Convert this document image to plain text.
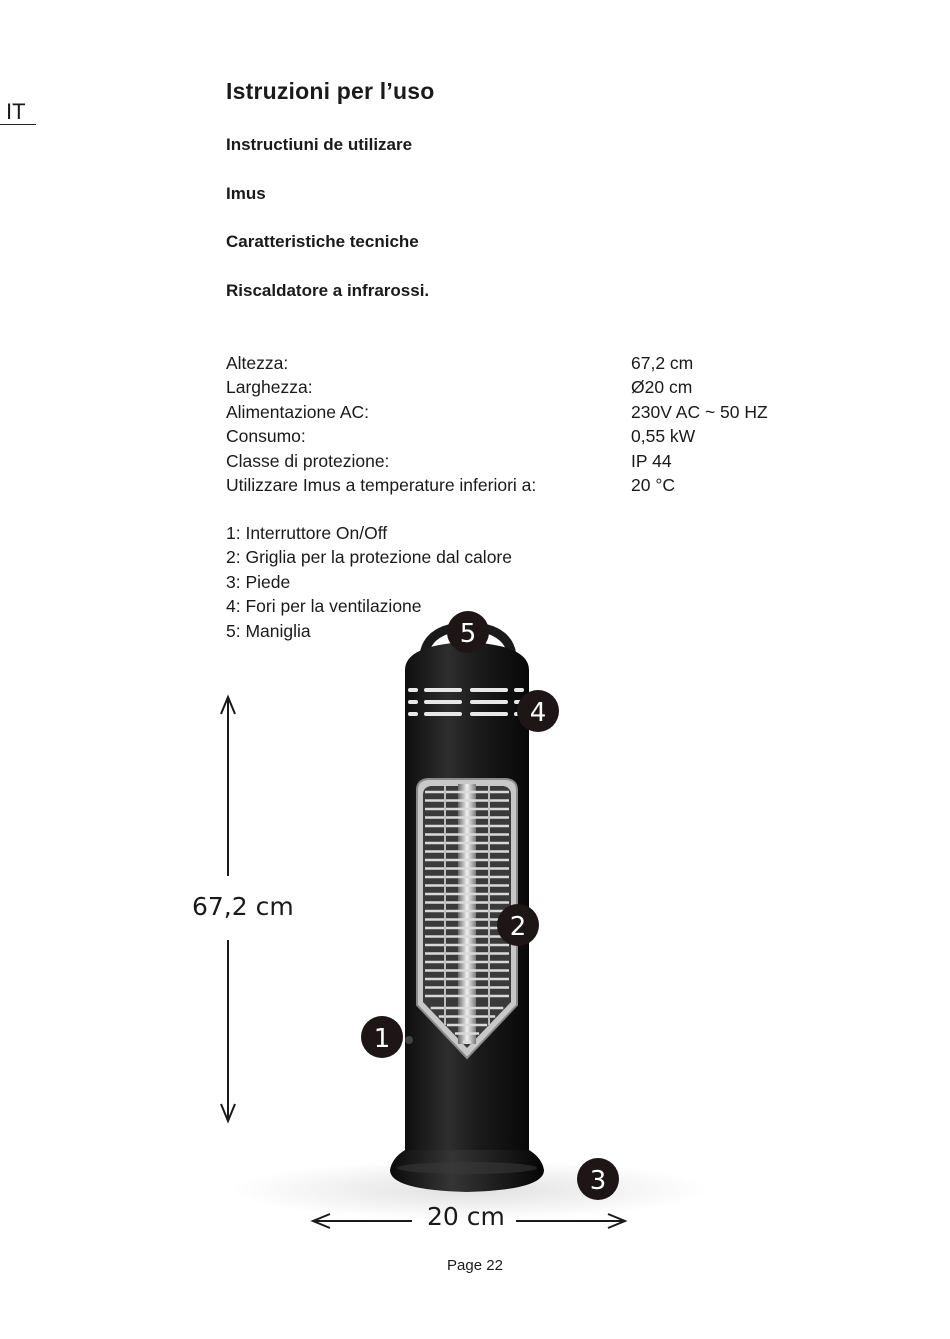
IT
Istruzioni per l’uso

Instructiuni de utilizare

Imus

Caratteristiche tecniche

Riscaldatore a infrarossi.

Altezza:	67,2 cm
Larghezza:	Ø20 cm
Alimentazione AC:	230V AC ~ 50 HZ
Consumo:	0,55 kW
Classe di protezione:	IP 44
Utilizzare Imus a temperature inferiori a:	20 °C
1: Interruttore On/Off
2: Griglia per la protezione dal calore
3: Piede
4: Fori per la ventilazione
5: Maniglia	5
4
2
1
3
67,2 cm
20 cm
Page 22
